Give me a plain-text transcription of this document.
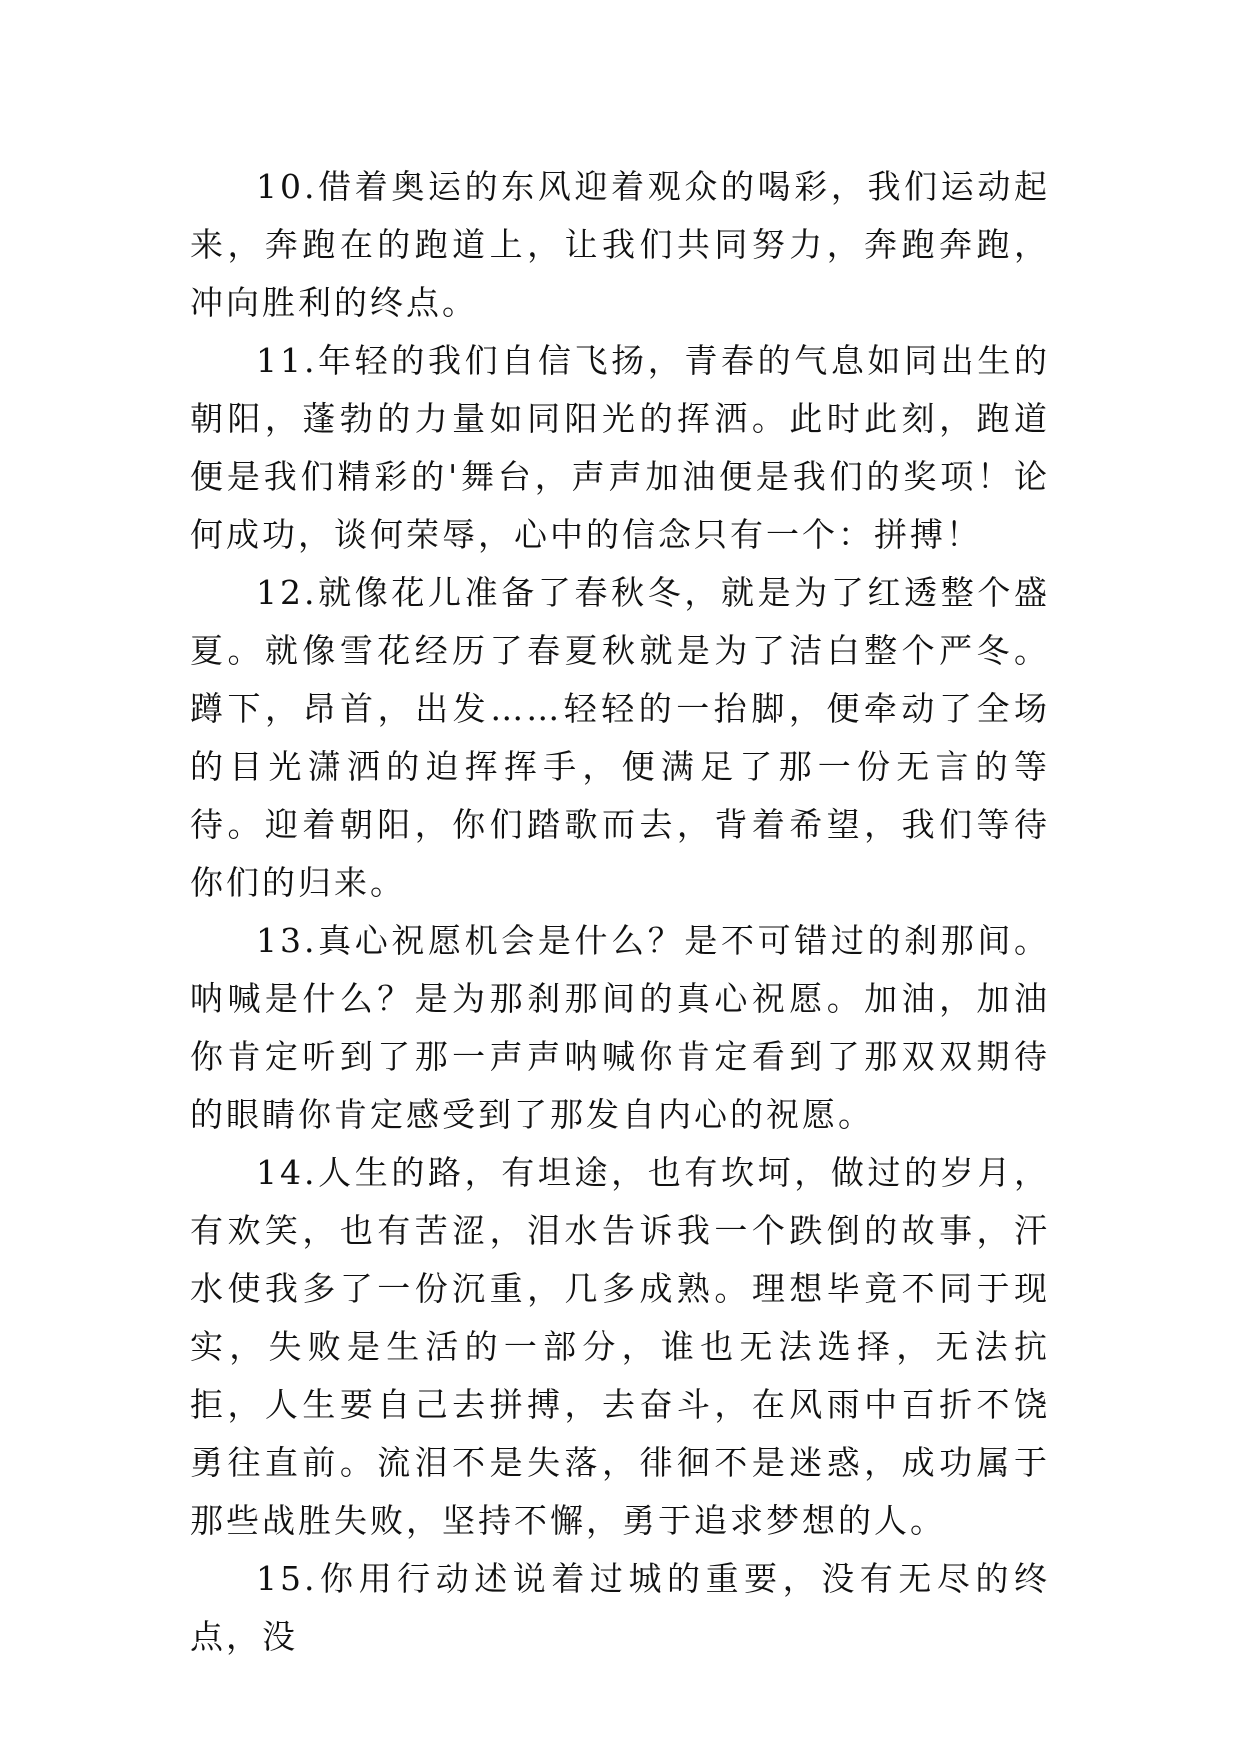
10.借着奥运的东风迎着观众的喝彩，我们运动起来，奔跑在的跑道上，让我们共同努力，奔跑奔跑，冲向胜利的终点。

11.年轻的我们自信飞扬，青春的气息如同出生的朝阳，蓬勃的力量如同阳光的挥洒。此时此刻，跑道便是我们精彩的'舞台，声声加油便是我们的奖项！论何成功，谈何荣辱，心中的信念只有一个：拼搏！

12.就像花儿准备了春秋冬，就是为了红透整个盛夏。就像雪花经历了春夏秋就是为了洁白整个严冬。蹲下，昂首，出发……轻轻的一抬脚，便牵动了全场的目光潇洒的迫挥挥手，便满足了那一份无言的等待。迎着朝阳，你们踏歌而去，背着希望，我们等待你们的归来。

13.真心祝愿机会是什么？是不可错过的刹那间。呐喊是什么？是为那刹那间的真心祝愿。加油，加油你肯定听到了那一声声呐喊你肯定看到了那双双期待的眼睛你肯定感受到了那发自内心的祝愿。

14.人生的路，有坦途，也有坎坷，做过的岁月，有欢笑，也有苦涩，泪水告诉我一个跌倒的故事，汗水使我多了一份沉重，几多成熟。理想毕竟不同于现实，失败是生活的一部分，谁也无法选择，无法抗拒，人生要自己去拼搏，去奋斗，在风雨中百折不饶勇往直前。流泪不是失落，徘徊不是迷惑，成功属于那些战胜失败，坚持不懈，勇于追求梦想的人。

15.你用行动述说着过城的重要，没有无尽的终点，没
